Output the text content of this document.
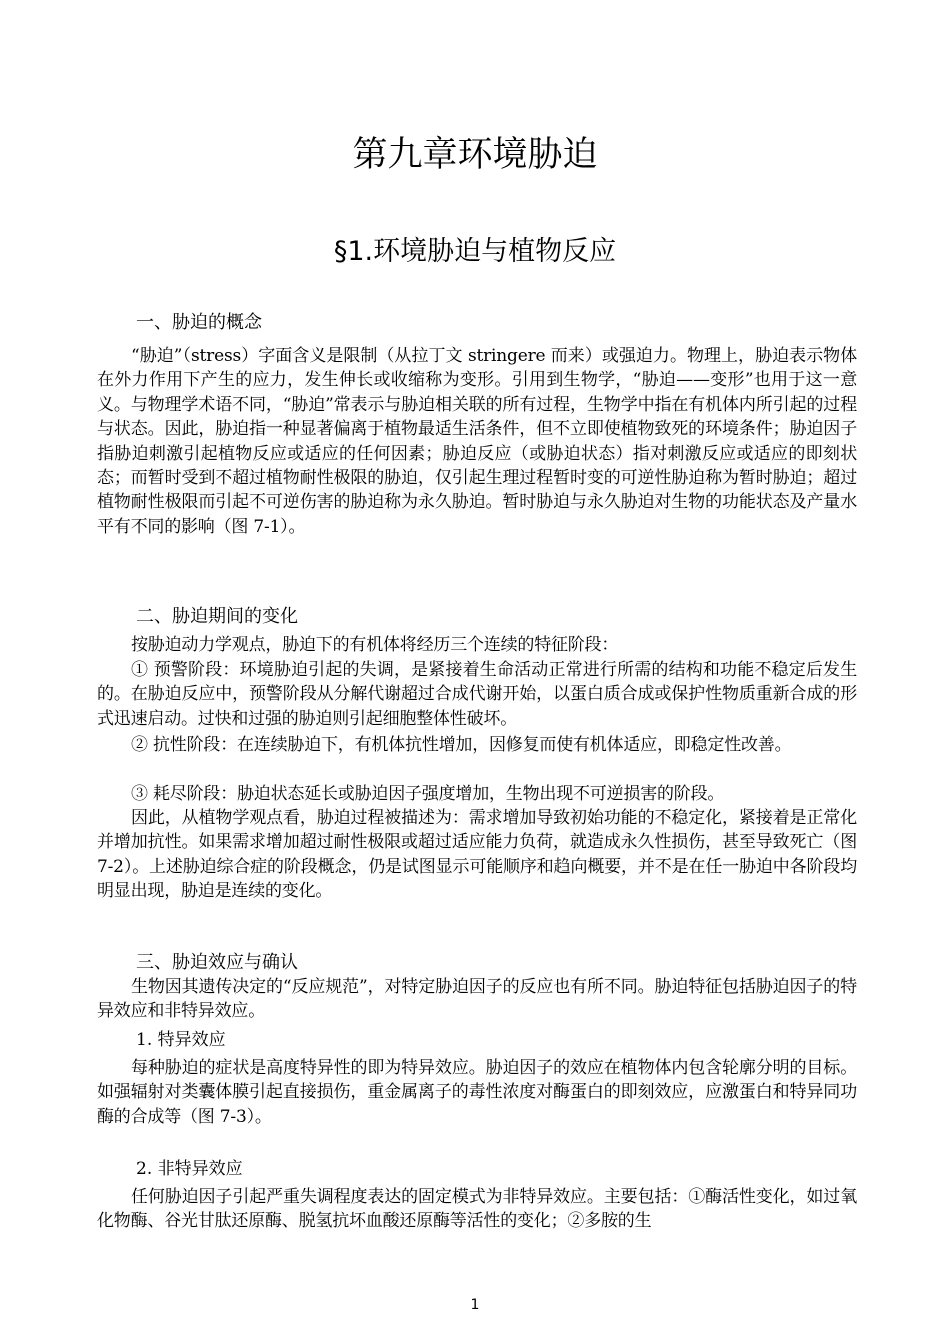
第九章环境胁迫
§1.环境胁迫与植物反应
一、胁迫的概念
“胁迫”（stress）字面含义是限制（从拉丁文 stringere 而来）或强迫力。物理上，胁迫表示物体在外力作用下产生的应力，发生伸长或收缩称为变形。引用到生物学，“胁迫——变形”也用于这一意义。与物理学术语不同，“胁迫”常表示与胁迫相关联的所有过程，生物学中指在有机体内所引起的过程与状态。因此，胁迫指一种显著偏离于植物最适生活条件，但不立即使植物致死的环境条件；胁迫因子指胁迫刺激引起植物反应或适应的任何因素；胁迫反应（或胁迫状态）指对刺激反应或适应的即刻状态；而暂时受到不超过植物耐性极限的胁迫，仅引起生理过程暂时变的可逆性胁迫称为暂时胁迫；超过植物耐性极限而引起不可逆伤害的胁迫称为永久胁迫。暂时胁迫与永久胁迫对生物的功能状态及产量水平有不同的影响（图 7-1）。
二、胁迫期间的变化
按胁迫动力学观点，胁迫下的有机体将经历三个连续的特征阶段：
① 预警阶段：环境胁迫引起的失调，是紧接着生命活动正常进行所需的结构和功能不稳定后发生的。在胁迫反应中，预警阶段从分解代谢超过合成代谢开始，以蛋白质合成或保护性物质重新合成的形式迅速启动。过快和过强的胁迫则引起细胞整体性破坏。
② 抗性阶段：在连续胁迫下，有机体抗性增加，因修复而使有机体适应，即稳定性改善。
③ 耗尽阶段：胁迫状态延长或胁迫因子强度增加，生物出现不可逆损害的阶段。
因此，从植物学观点看，胁迫过程被描述为：需求增加导致初始功能的不稳定化，紧接着是正常化并增加抗性。如果需求增加超过耐性极限或超过适应能力负荷，就造成永久性损伤，甚至导致死亡（图 7-2）。上述胁迫综合症的阶段概念，仍是试图显示可能顺序和趋向概要，并不是在任一胁迫中各阶段均明显出现，胁迫是连续的变化。
三、胁迫效应与确认
生物因其遗传决定的“反应规范”，对特定胁迫因子的反应也有所不同。胁迫特征包括胁迫因子的特异效应和非特异效应。
1. 特异效应
每种胁迫的症状是高度特异性的即为特异效应。胁迫因子的效应在植物体内包含轮廓分明的目标。如强辐射对类囊体膜引起直接损伤，重金属离子的毒性浓度对酶蛋白的即刻效应，应激蛋白和特异同功酶的合成等（图 7-3）。
2. 非特异效应
任何胁迫因子引起严重失调程度表达的固定模式为非特异效应。主要包括：①酶活性变化，如过氧化物酶、谷光甘肽还原酶、脱氢抗坏血酸还原酶等活性的变化；②多胺的生
1
